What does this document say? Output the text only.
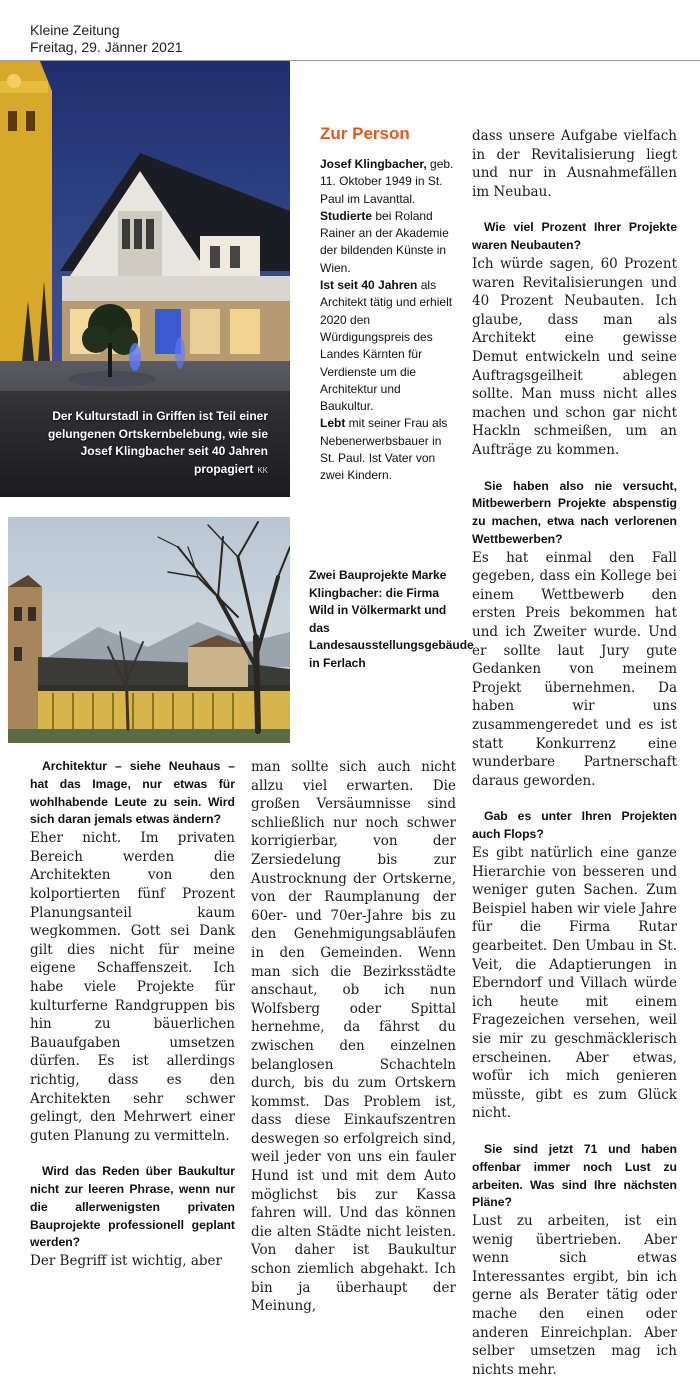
Kleine Zeitung
Freitag, 29. Jänner 2021
Der Kulturstadl in Griffen ist Teil einer gelungenen Ortskernbelebung, wie sie Josef Klingbacher seit 40 Jahren propagiert KK
Zur Person

Josef Klingbacher, geb. 11. Oktober 1949 in St. Paul im Lavanttal.

Studierte bei Roland Rainer an der Akademie der bildenden Künste in Wien.

Ist seit 40 Jahren als Architekt tätig und erhielt 2020 den Würdigungspreis des Landes Kärnten für Verdienste um die Architektur und Baukultur.

Lebt mit seiner Frau als Nebenerwerbsbauer in St. Paul. Ist Vater von zwei Kindern.

Zwei Bauprojekte Marke Klingbacher: die Firma Wild in Völkermarkt und das Landesausstellungsgebäude in Ferlach

Architektur – siehe Neuhaus – hat das Image, nur etwas für wohlhabende Leute zu sein. Wird sich daran jemals etwas ändern?

Eher nicht. Im privaten Bereich werden die Architekten von den kolportierten fünf Prozent Planungsanteil kaum wegkommen. Gott sei Dank gilt dies nicht für meine eigene Schaffenszeit. Ich habe viele Projekte für kulturferne Randgruppen bis hin zu bäuerlichen Bauaufgaben umsetzen dürfen. Es ist allerdings richtig, dass es den Architekten sehr schwer gelingt, den Mehrwert einer guten Planung zu vermitteln.

Wird das Reden über Baukultur nicht zur leeren Phrase, wenn nur die allerwenigsten privaten Bauprojekte professionell geplant werden?

Der Begriff ist wichtig, aber

man sollte sich auch nicht allzu viel erwarten. Die großen Versäumnisse sind schließlich nur noch schwer korrigierbar, von der Zersiedelung bis zur Austrocknung der Ortskerne, von der Raumplanung der 60er- und 70er-Jahre bis zu den Genehmigungsabläufen in den Gemeinden. Wenn man sich die Bezirksstädte anschaut, ob ich nun Wolfsberg oder Spittal hernehme, da fährst du zwischen den einzelnen belanglosen Schachteln durch, bis du zum Ortskern kommst. Das Problem ist, dass diese Einkaufszentren deswegen so erfolgreich sind, weil jeder von uns ein fauler Hund ist und mit dem Auto möglichst bis zur Kassa fahren will. Und das können die alten Städte nicht leisten. Von daher ist Baukultur schon ziemlich abgehakt. Ich bin ja überhaupt der Meinung,

dass unsere Aufgabe vielfach in der Revitalisierung liegt und nur in Ausnahmefällen im Neubau.

Wie viel Prozent Ihrer Projekte waren Neubauten?

Ich würde sagen, 60 Prozent waren Revitalisierungen und 40 Prozent Neubauten. Ich glaube, dass man als Architekt eine gewisse Demut entwickeln und seine Auftragsgeilheit ablegen sollte. Man muss nicht alles machen und schon gar nicht Hackln schmeißen, um an Aufträge zu kommen.

Sie haben also nie versucht, Mitbewerbern Projekte abspenstig zu machen, etwa nach verlorenen Wettbewerben?

Es hat einmal den Fall gegeben, dass ein Kollege bei einem Wettbewerb den ersten Preis bekommen hat und ich Zweiter wurde. Und er sollte laut Jury gute Gedanken von meinem Projekt übernehmen. Da haben wir uns zusammengeredet und es ist statt Konkurrenz eine wunderbare Partnerschaft daraus geworden.

Gab es unter Ihren Projekten auch Flops?

Es gibt natürlich eine ganze Hierarchie von besseren und weniger guten Sachen. Zum Beispiel haben wir viele Jahre für die Firma Rutar gearbeitet. Den Umbau in St. Veit, die Adaptierungen in Eberndorf und Villach würde ich heute mit einem Fragezeichen versehen, weil sie mir zu geschmäcklerisch erscheinen. Aber etwas, wofür ich mich genieren müsste, gibt es zum Glück nicht.

Sie sind jetzt 71 und haben offenbar immer noch Lust zu arbeiten. Was sind Ihre nächsten Pläne?

Lust zu arbeiten, ist ein wenig übertrieben. Aber wenn sich etwas Interessantes ergibt, bin ich gerne als Berater tätig oder mache den einen oder anderen Einreichplan. Aber selber umsetzen mag ich nichts mehr.
